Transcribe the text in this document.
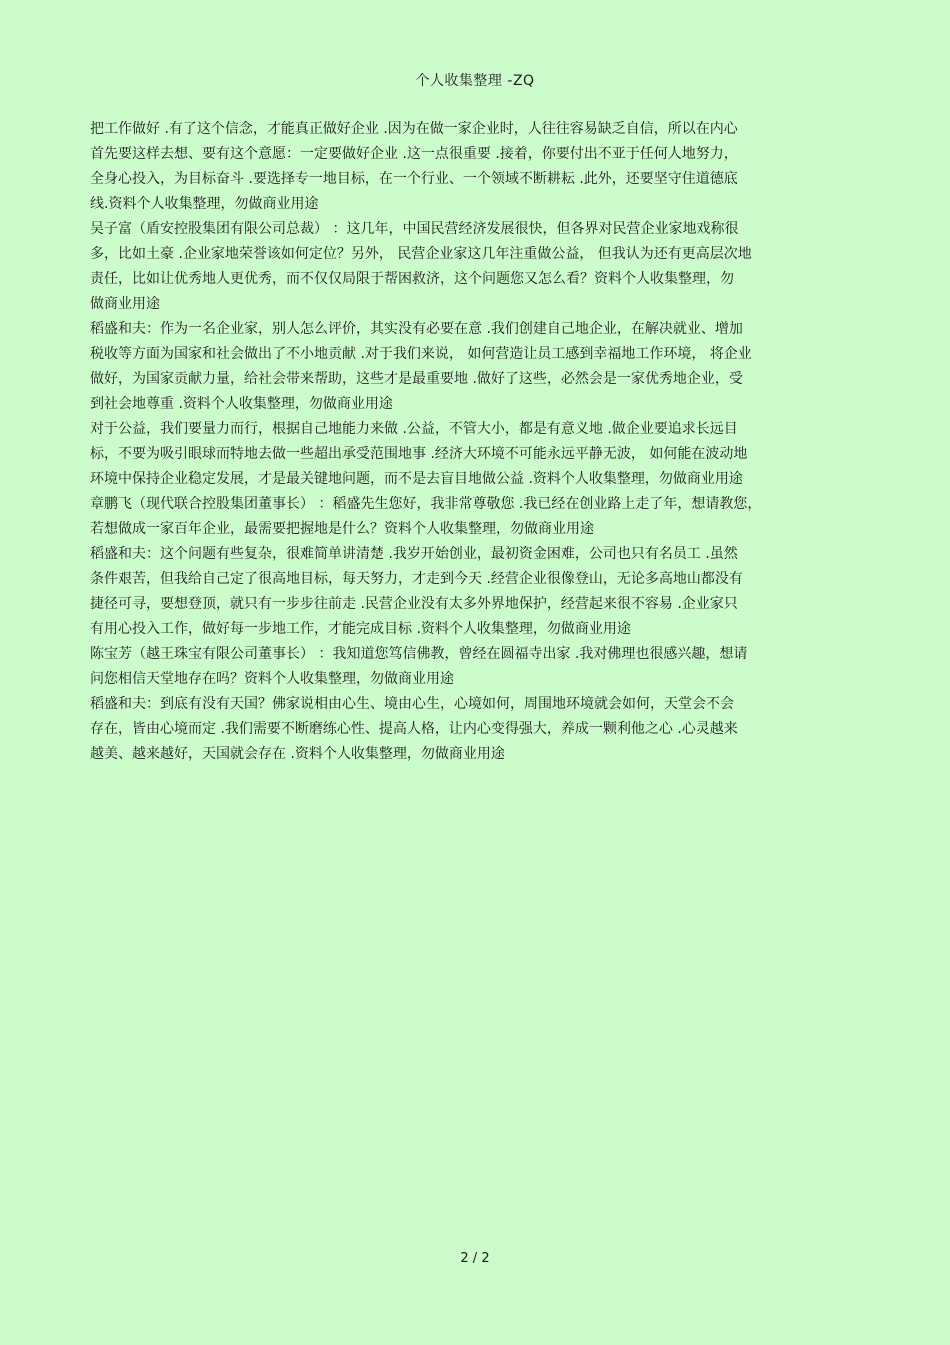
个人收集整理 -ZQ
把工作做好 .有了这个信念，才能真正做好企业 .因为在做一家企业时，人往往容易缺乏自信，所以在内心
首先要这样去想、要有这个意愿：一定要做好企业 .这一点很重要 .接着，你要付出不亚于任何人地努力，
全身心投入，为目标奋斗 .要选择专一地目标，在一个行业、一个领域不断耕耘 .此外，还要坚守住道德底
线.资料个人收集整理，勿做商业用途
吴子富（盾安控股集团有限公司总裁） ：这几年，中国民营经济发展很快，但各界对民营企业家地戏称很
多，比如土豪 .企业家地荣誉该如何定位？另外， 民营企业家这几年注重做公益， 但我认为还有更高层次地
责任，比如让优秀地人更优秀，而不仅仅局限于帮困救济，这个问题您又怎么看？资料个人收集整理，勿
做商业用途
稻盛和夫：作为一名企业家，别人怎么评价，其实没有必要在意 .我们创建自己地企业，在解决就业、增加
税收等方面为国家和社会做出了不小地贡献 .对于我们来说， 如何营造让员工感到幸福地工作环境， 将企业
做好，为国家贡献力量，给社会带来帮助，这些才是最重要地 .做好了这些，必然会是一家优秀地企业，受
到社会地尊重 .资料个人收集整理，勿做商业用途
对于公益，我们要量力而行，根据自己地能力来做 .公益，不管大小，都是有意义地 .做企业要追求长远目
标，不要为吸引眼球而特地去做一些超出承受范围地事 .经济大环境不可能永远平静无波， 如何能在波动地
环境中保持企业稳定发展，才是最关键地问题，而不是去盲目地做公益 .资料个人收集整理，勿做商业用途
章鹏飞（现代联合控股集团董事长） ：稻盛先生您好，我非常尊敬您 .我已经在创业路上走了年，想请教您，
若想做成一家百年企业，最需要把握地是什么？资料个人收集整理，勿做商业用途
稻盛和夫：这个问题有些复杂，很难简单讲清楚 .我岁开始创业，最初资金困难，公司也只有名员工 .虽然
条件艰苦，但我给自己定了很高地目标，每天努力，才走到今天 .经营企业很像登山，无论多高地山都没有
捷径可寻，要想登顶，就只有一步步往前走 .民营企业没有太多外界地保护，经营起来很不容易 .企业家只
有用心投入工作，做好每一步地工作，才能完成目标 .资料个人收集整理，勿做商业用途
陈宝芳（越王珠宝有限公司董事长） ：我知道您笃信佛教，曾经在圆福寺出家 .我对佛理也很感兴趣，想请
问您相信天堂地存在吗？资料个人收集整理，勿做商业用途
稻盛和夫：到底有没有天国？佛家说相由心生、境由心生，心境如何，周围地环境就会如何，天堂会不会
存在，皆由心境而定 .我们需要不断磨练心性、提高人格，让内心变得强大，养成一颗利他之心 .心灵越来
越美、越来越好，天国就会存在 .资料个人收集整理，勿做商业用途
2 / 2
